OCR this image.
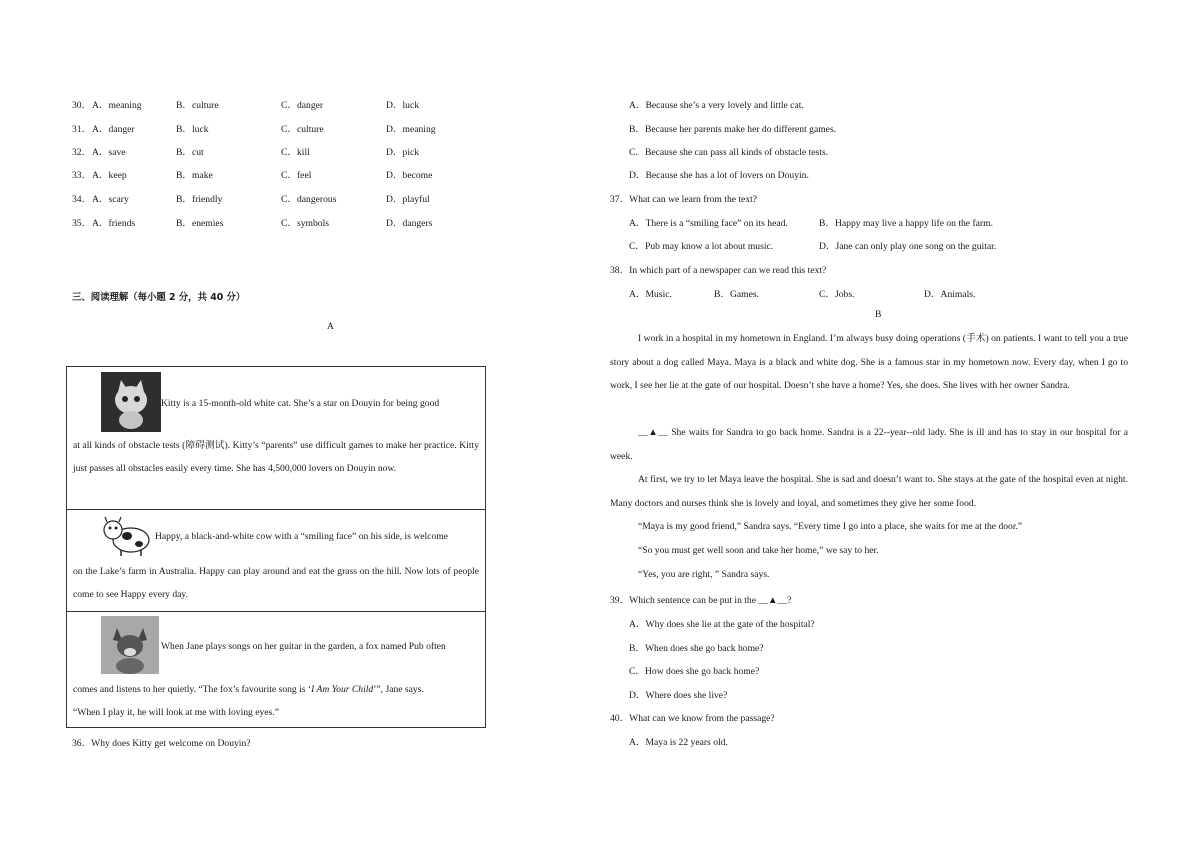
30． A．meaning	B．culture	C．danger	D．luck
31． A．danger	B．luck	C．culture	D．meaning
32． A．save	B．cut	C．kill	D．pick
33． A．keep	B．make	C．feel	D．become
34． A．scary	B．friendly	C．dangerous	D．playful
35． A．friends	B．enemies	C．symbols	D．dangers
三、阅读理解（每小题 2 分，共 40 分）
A

Kitty is a 15-month-old white cat. She’s a star on Douyin for being good

at all kinds of obstacle tests (障碍测试). Kitty’s “parents” use difficult games to make her practice. Kitty just passes all obstacles easily every time. She has 4,500,000 lovers on Douyin now.

Happy, a black-and-white cow with a “smiling face” on his side, is welcome

on the Lake’s farm in Australia. Happy can play around and eat the grass on the hill. Now lots of people come to see Happy every day.

When Jane plays songs on her guitar in the garden, a fox named Pub often

comes and listens to her quietly. “The fox’s favourite song is ‘I Am Your Child’”, Jane says.
“When I play it, he will look at me with loving eyes.”

36．Why does Kitty get welcome on Douyin?
A．Because she’s a very lovely and little cat.
B．Because her parents make her do different games.
C．Because she can pass all kinds of obstacle tests.
D．Because she has a lot of lovers on Douyin.
37．What can we learn from the text?
A．There is a “smiling face” on its head.	B．Happy may live a happy life on the farm.
C．Pub may know a lot about music.	D．Jane can only play one song on the guitar.
38．In which part of a newspaper can we read this text?
A．Music.	B．Games.	C．Jobs.	D．Animals.
B

I work in a hospital in my hometown in England. I’m always busy doing operations (手术) on patients. I want to tell you a true story about a dog called Maya. Maya is a black and white dog. She is a famous star in my hometown now. Every day, when I go to work, I see her lie at the gate of our hospital. Doesn’t she have a home? Yes, she does. She lives with her owner Sandra.

__▲__ She waits for Sandra to go back home. Sandra is a 22--year--old lady. She is ill and has to stay in our hospital for a week.

At first, we try to let Maya leave the hospital. She is sad and doesn’t want to. She stays at the gate of the hospital even at night. Many doctors and nurses think she is lovely and loyal, and sometimes they give her some food.

“Maya is my good friend,” Sandra says. “Every time I go into a place, she waits for me at the door.”

“So you must get well soon and take her home,” we say to her.

“Yes, you are right, ” Sandra says.

39．Which sentence can be put in the __▲__?
A．Why does she lie at the gate of the hospital?
B．When does she go back home?
C．How does she go back home?
D．Where does she live?
40．What can we know from the passage?
A．Maya is 22 years old.
